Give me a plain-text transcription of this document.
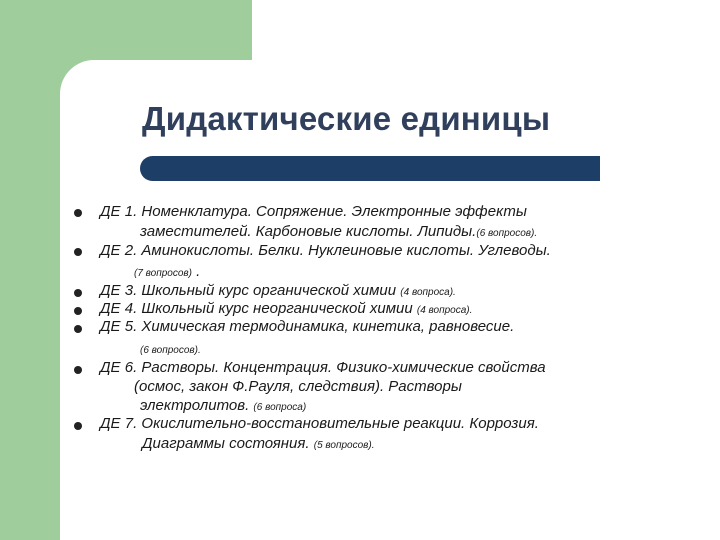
Дидактические единицы
ДЕ 1. Номенклатура. Сопряжение. Электронные эффекты
заместителей. Карбоновые кислоты. Липиды.(6 вопросов).
ДЕ 2. Аминокислоты. Белки. Нуклеиновые кислоты. Углеводы.
(7 вопросов) .
ДЕ 3. Школьный курс органической химии (4 вопроса).
ДЕ 4. Школьный курс неорганической химии (4 вопроса).
ДЕ 5. Химическая термодинамика, кинетика, равновесие.
(6 вопросов).
ДЕ 6. Растворы. Концентрация. Физико-химические свойства
(осмос, закон Ф.Рауля, следствия). Растворы
электролитов. (6 вопроса)
ДЕ 7. Окислительно-восстановительные реакции. Коррозия.
Диаграммы состояния. (5 вопросов).
